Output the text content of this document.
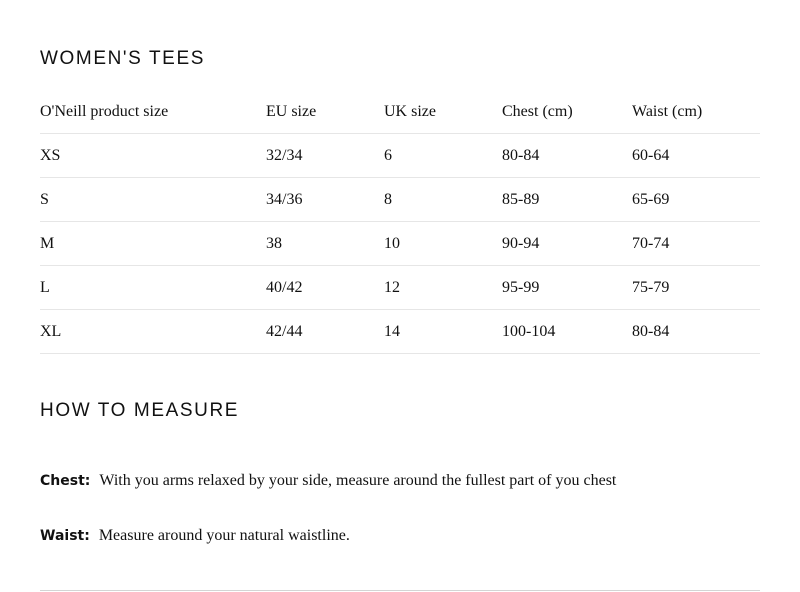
WOMEN'S TEES
O'Neill product size	EU size	UK size	Chest (cm)	Waist (cm)
XS	32/34	6	80-84	60-64
S	34/36	8	85-89	65-69
M	38	10	90-94	70-74
L	40/42	12	95-99	75-79
XL	42/44	14	100-104	80-84
HOW TO MEASURE
Chest: With you arms relaxed by your side, measure around the fullest part of you chest
Waist: Measure around your natural waistline.
